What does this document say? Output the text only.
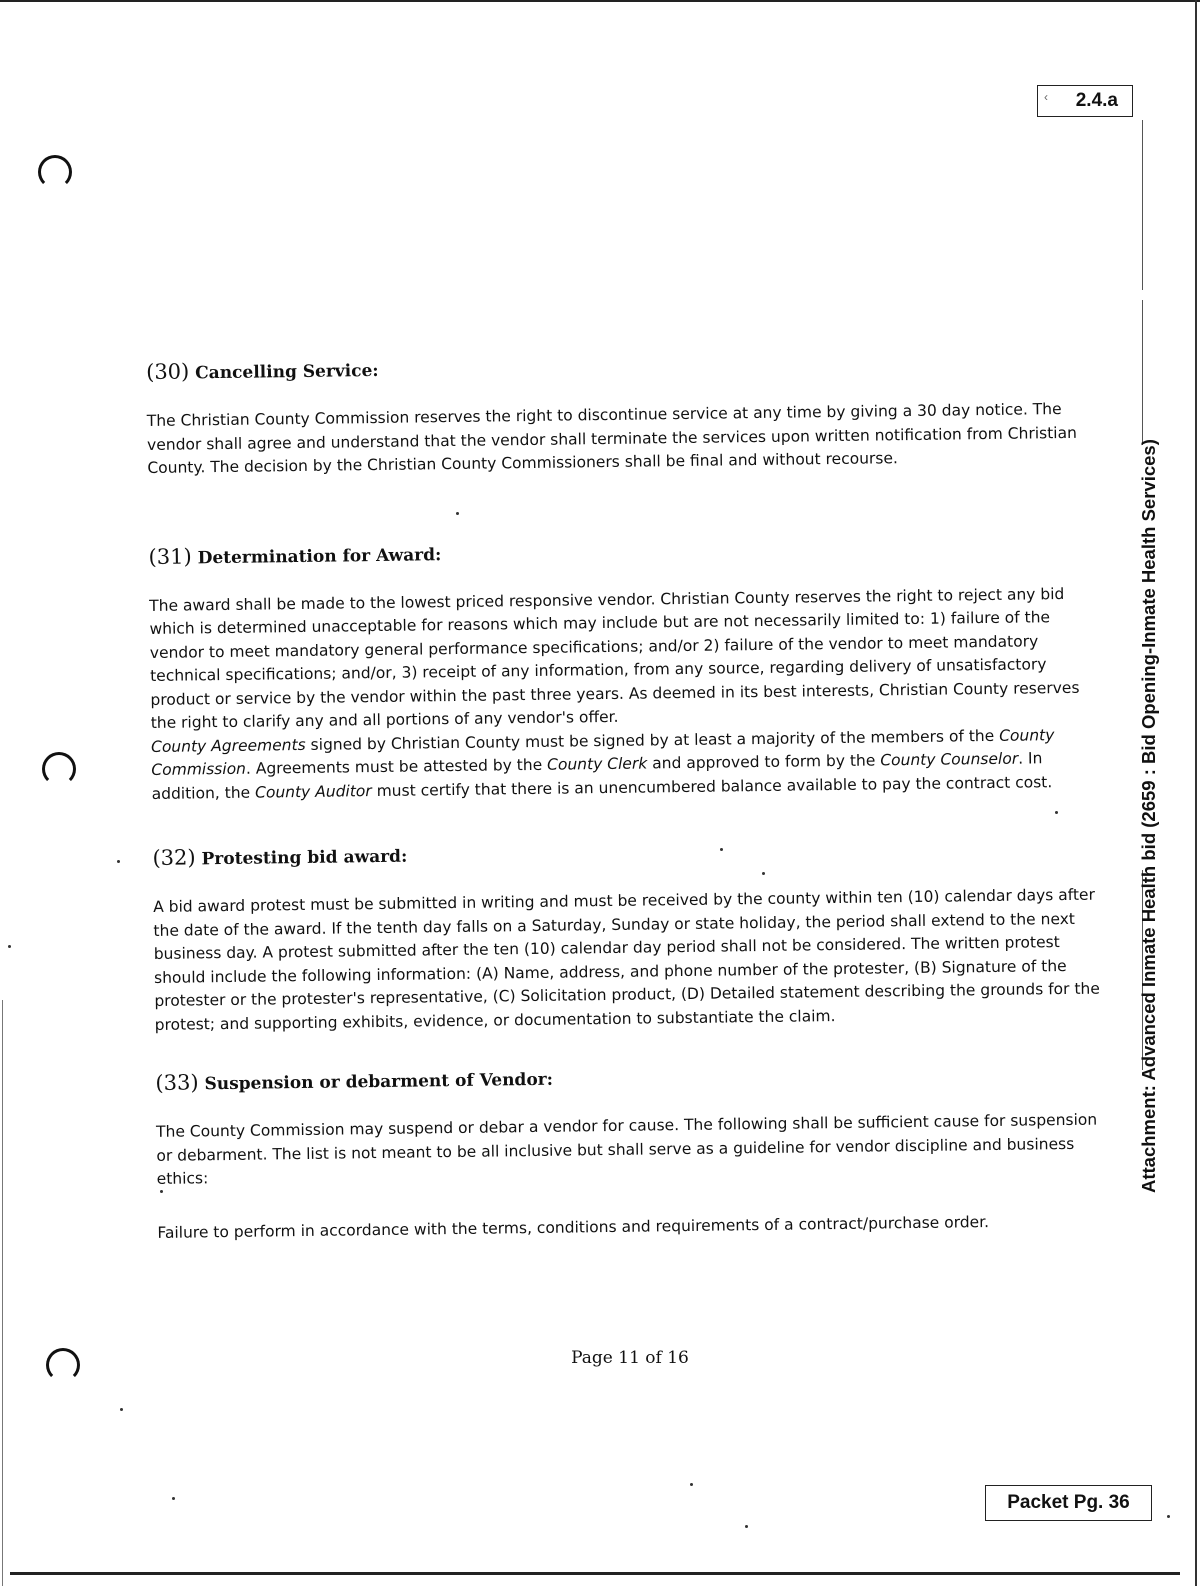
‹ 2.4.a
Attachment: Advanced Inmate Health bid (2659 : Bid Opening-Inmate Health Services)
(30) Cancelling Service:

The Christian County Commission reserves the right to discontinue service at any time by giving a 30 day notice. The vendor shall agree and understand that the vendor shall terminate the services upon written notification from Christian County. The decision by the Christian County Commissioners shall be final and without recourse.

(31) Determination for Award:

The award shall be made to the lowest priced responsive vendor. Christian County reserves the right to reject any bid which is determined unacceptable for reasons which may include but are not necessarily limited to: 1) failure of the vendor to meet mandatory general performance specifications; and/or 2) failure of the vendor to meet mandatory technical specifications; and/or, 3) receipt of any information, from any source, regarding delivery of unsatisfactory product or service by the vendor within the past three years. As deemed in its best interests, Christian County reserves the right to clarify any and all portions of any vendor's offer.

County Agreements signed by Christian County must be signed by at least a majority of the members of the County Commission. Agreements must be attested by the County Clerk and approved to form by the County Counselor. In addition, the County Auditor must certify that there is an unencumbered balance available to pay the contract cost.

(32) Protesting bid award:

A bid award protest must be submitted in writing and must be received by the county within ten (10) calendar days after the date of the award. If the tenth day falls on a Saturday, Sunday or state holiday, the period shall extend to the next business day. A protest submitted after the ten (10) calendar day period shall not be considered. The written protest should include the following information: (A) Name, address, and phone number of the protester, (B) Signature of the protester or the protester's representative, (C) Solicitation product, (D) Detailed statement describing the grounds for the protest; and supporting exhibits, evidence, or documentation to substantiate the claim.

(33) Suspension or debarment of Vendor:

The County Commission may suspend or debar a vendor for cause. The following shall be sufficient cause for suspension or debarment. The list is not meant to be all inclusive but shall serve as a guideline for vendor discipline and business ethics:

Failure to perform in accordance with the terms, conditions and requirements of a contract/purchase order.

Page 11 of 16
Packet Pg. 36
